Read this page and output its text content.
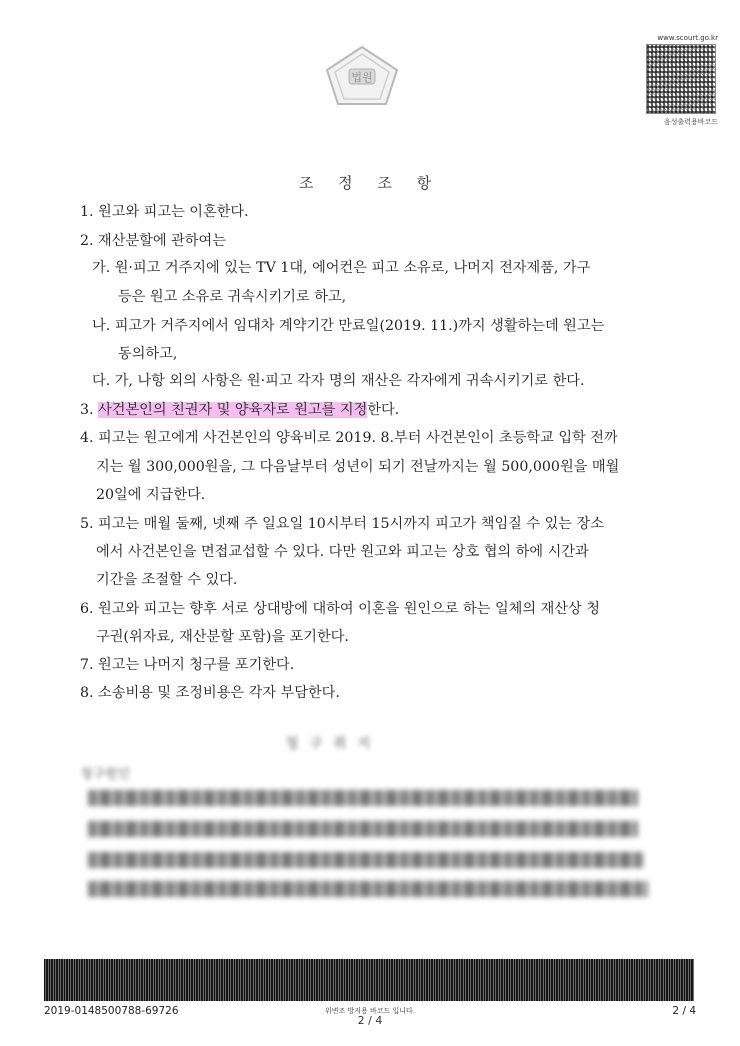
법원
www.scourt.go.kr
음성출력용바코드
조 정 조 항
1. 원고와 피고는 이혼한다.
2. 재산분할에 관하여는
가. 원·피고 거주지에 있는 TV 1대, 에어컨은 피고 소유로, 나머지 전자제품, 가구
등은 원고 소유로 귀속시키기로 하고,
나. 피고가 거주지에서 임대차 계약기간 만료일(2019. 11.)까지 생활하는데 원고는
동의하고,
다. 가, 나항 외의 사항은 원·피고 각자 명의 재산은 각자에게 귀속시키기로 한다.
3. 사건본인의 친권자 및 양육자로 원고를 지정한다.
4. 피고는 원고에게 사건본인의 양육비로 2019. 8.부터 사건본인이 초등학교 입학 전까
지는 월 300,000원을, 그 다음날부터 성년이 되기 전날까지는 월 500,000원을 매월
20일에 지급한다.
5. 피고는 매월 둘째, 넷째 주 일요일 10시부터 15시까지 피고가 책임질 수 있는 장소
에서 사건본인을 면접교섭할 수 있다. 다만 원고와 피고는 상호 협의 하에 시간과
기간을 조절할 수 있다.
6. 원고와 피고는 향후 서로 상대방에 대하여 이혼을 원인으로 하는 일체의 재산상 청
구권(위자료, 재산분할 포함)을 포기한다.
7. 원고는 나머지 청구를 포기한다.
8. 소송비용 및 조정비용은 각자 부담한다.
청 구 취 지
청구원인
2019-0148500788-69726	위변조 방지용 바코드 입니다.
2 / 4
2 / 4
